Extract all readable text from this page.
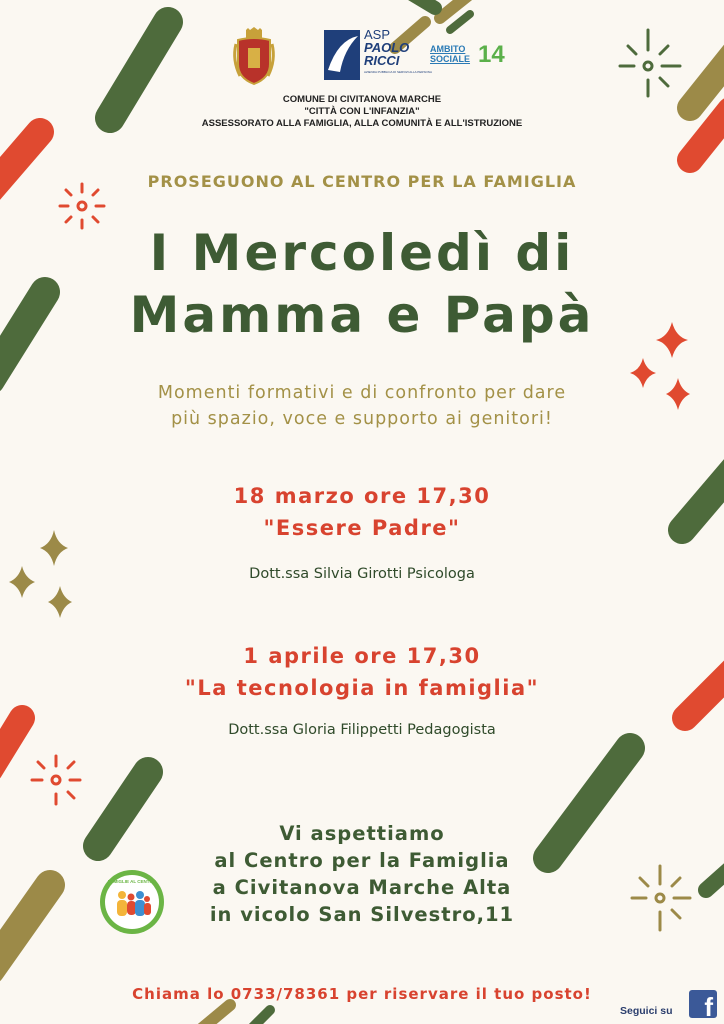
ASP
PAOLO
RICCI
AZIENDA PUBBLICA DI SERVIZI ALLA PERSONA
AMBITO
SOCIALE 14
COMUNE DI CIVITANOVA MARCHE
"CITTÀ CON L'INFANZIA"
ASSESSORATO ALLA FAMIGLIA, ALLA COMUNITÀ E ALL'ISTRUZIONE
PROSEGUONO AL CENTRO PER LA FAMIGLIA
I Mercoledì di
Mamma e Papà
Momenti formativi e di confronto per dare
più spazio, voce e supporto ai genitori!
18 marzo ore 17,30
"Essere Padre"
Dott.ssa Silvia Girotti Psicologa
1 aprile ore 17,30
"La tecnologia in famiglia"
Dott.ssa Gloria Filippetti Pedagogista
FAMIGLIE AL CENTRO
Vi aspettiamo
al Centro per la Famiglia
a Civitanova Marche Alta
in vicolo San Silvestro,11
Chiama lo 0733/78361 per riservare il tuo posto!
Seguici su	f
